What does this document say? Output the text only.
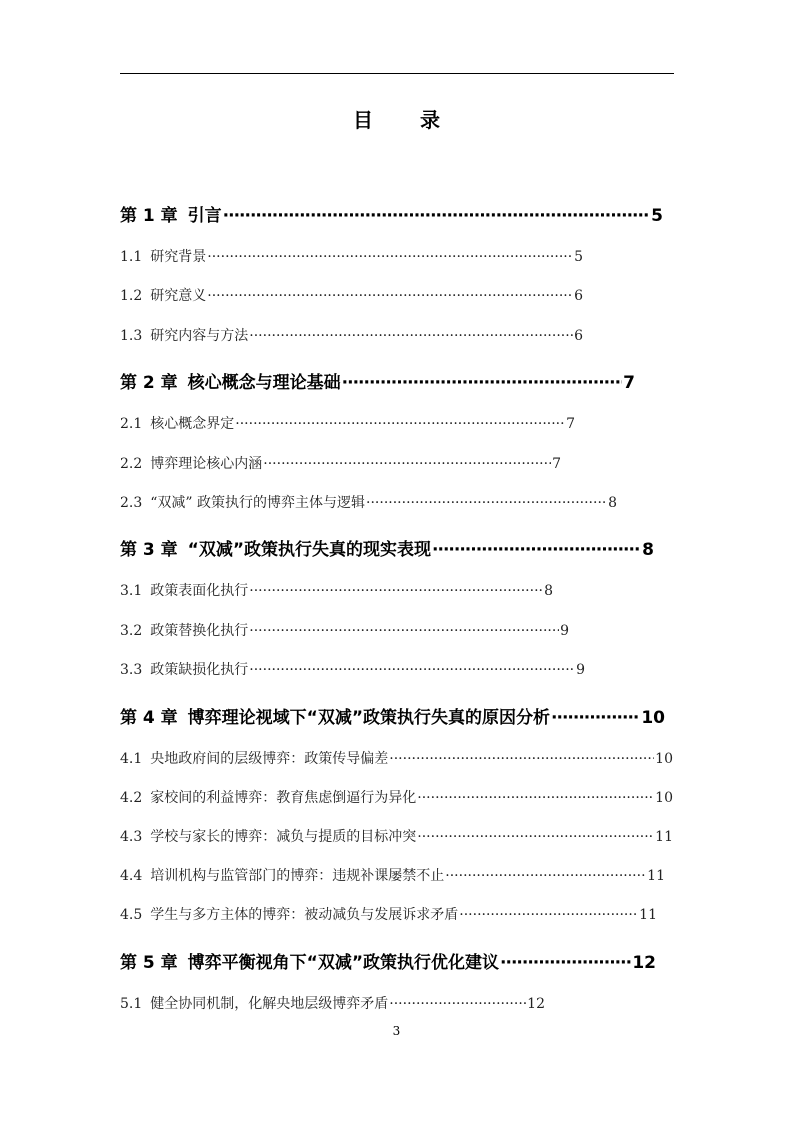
目 录
第 1 章 引言 ·····	5
1.1 研究背景 ·····	5
1.2 研究意义 ·····	6
1.3 研究内容与方法 ·····	6
第 2 章 核心概念与理论基础 ·····	7
2.1 核心概念界定 ·····	7
2.2 博弈理论核心内涵 ·····	7
2.3 “双减” 政策执行的博弈主体与逻辑 ·····	8
第 3 章 “双减”政策执行失真的现实表现 ·····	8
3.1 政策表面化执行 ·····	8
3.2 政策替换化执行 ·····	9
3.3 政策缺损化执行 ·····	9
第 4 章 博弈理论视域下“双减”政策执行失真的原因分析 ·····	10
4.1 央地政府间的层级博弈：政策传导偏差 ·····	10
4.2 家校间的利益博弈：教育焦虑倒逼行为异化 ·····	10
4.3 学校与家长的博弈：减负与提质的目标冲突 ·····	11
4.4 培训机构与监管部门的博弈：违规补课屡禁不止 ·····	11
4.5 学生与多方主体的博弈：被动减负与发展诉求矛盾 ·····	11
第 5 章 博弈平衡视角下“双减”政策执行优化建议 ·····	12
5.1 健全协同机制，化解央地层级博弈矛盾 ·····	12
3
